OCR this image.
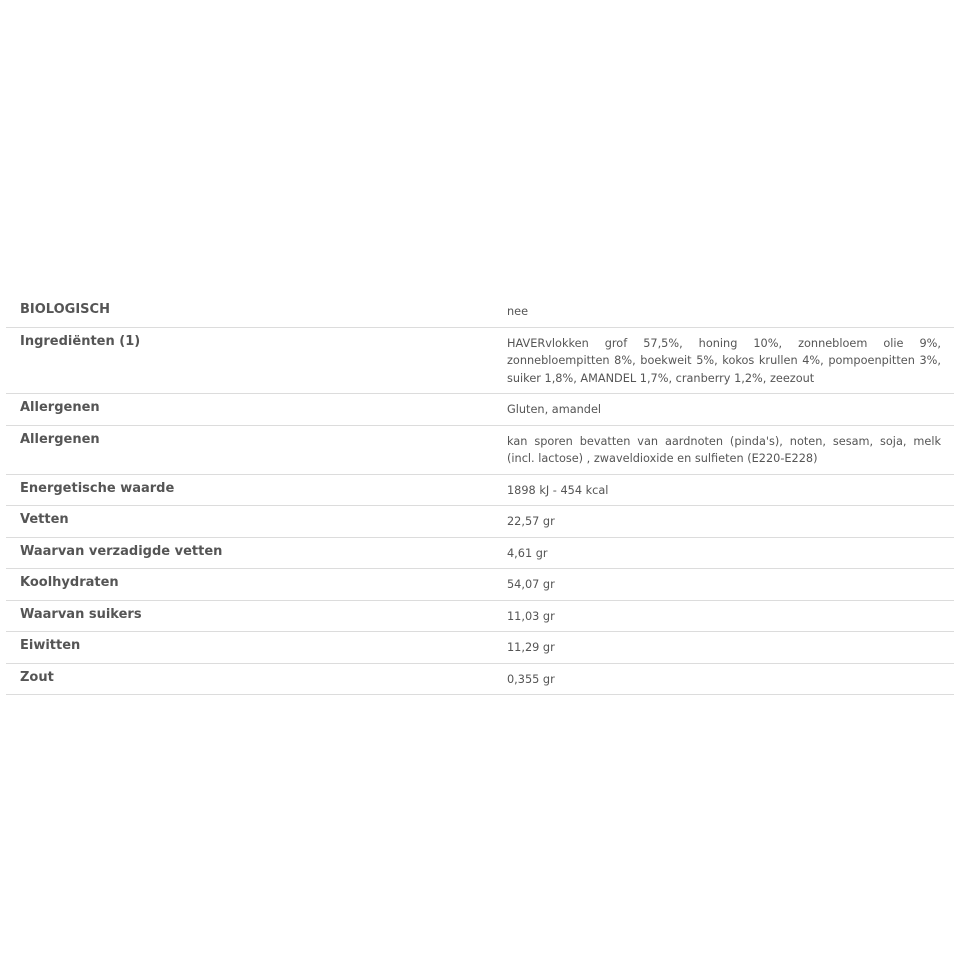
BIOLOGISCH	nee
Ingrediënten (1)	HAVERvlokken grof 57,5%, honing 10%, zonnebloem olie 9%, zonnebloempitten 8%, boekweit 5%, kokos krullen 4%, pompoenpitten 3%, suiker 1,8%, AMANDEL 1,7%, cranberry 1,2%, zeezout
Allergenen	Gluten, amandel
Allergenen	kan sporen bevatten van aardnoten (pinda's), noten, sesam, soja, melk (incl. lactose) , zwaveldioxide en sulfieten (E220-E228)
Energetische waarde	1898 kJ - 454 kcal
Vetten	22,57 gr
Waarvan verzadigde vetten	4,61 gr
Koolhydraten	54,07 gr
Waarvan suikers	11,03 gr
Eiwitten	11,29 gr
Zout	0,355 gr
